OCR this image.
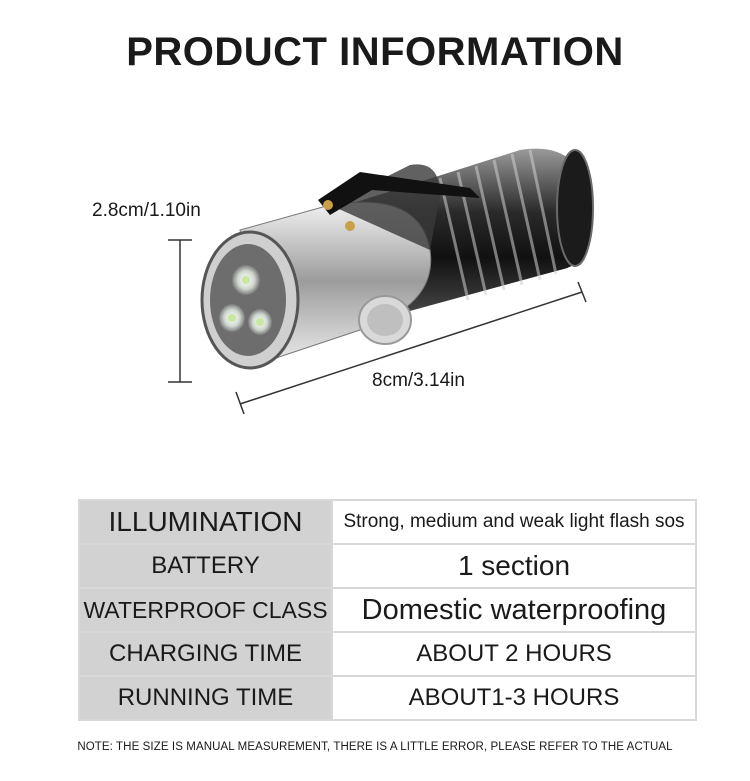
PRODUCT INFORMATION
2.8cm/1.10in
8cm/3.14in
ILLUMINATION	Strong, medium and weak light flash sos
BATTERY	1 section
WATERPROOF CLASS	Domestic waterproofing
CHARGING TIME	ABOUT 2 HOURS
RUNNING TIME	ABOUT1-3 HOURS
NOTE: THE SIZE IS MANUAL MEASUREMENT, THERE IS A LITTLE ERROR, PLEASE REFER TO THE ACTUAL
